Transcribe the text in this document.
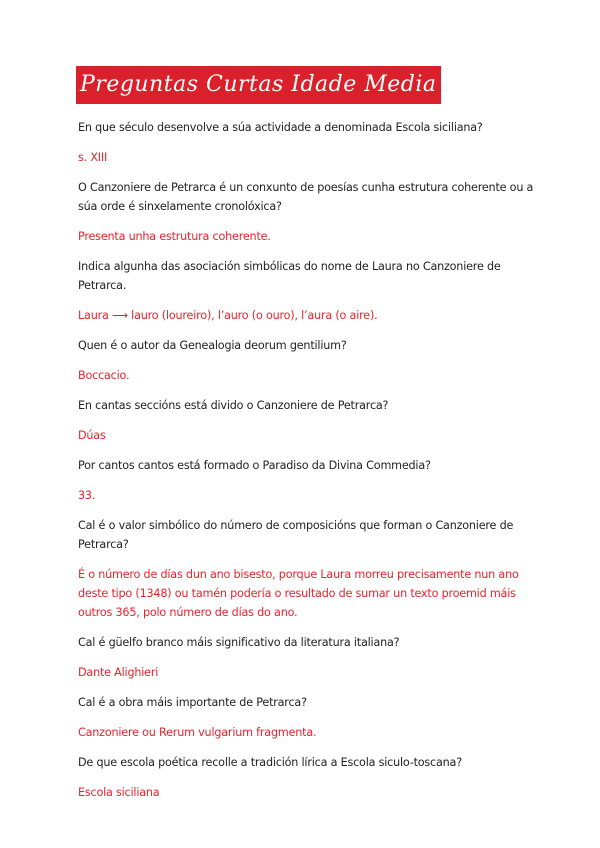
Preguntas Curtas Idade Media

En que século desenvolve a súa actividade a denominada Escola siciliana?

s. XIII

O Canzoniere de Petrarca é un conxunto de poesías cunha estrutura coherente ou a súa orde é sinxelamente cronolóxica?

Presenta unha estrutura coherente.

Indica algunha das asociación simbólicas do nome de Laura no Canzoniere de Petrarca.

Laura ⟶ lauro (loureiro), l’auro (o ouro), l’aura (o aire).

Quen é o autor da Genealogia deorum gentilium?

Boccacio.

En cantas seccións está divido o Canzoniere de Petrarca?

Dúas

Por cantos cantos está formado o Paradiso da Divina Commedia?

33.

Cal é o valor simbólico do número de composicións que forman o Canzoniere de Petrarca?

É o número de días dun ano bisesto, porque Laura morreu precisamente nun ano deste tipo (1348) ou tamén podería o resultado de sumar un texto proemid máis outros 365, polo número de días do ano.

Cal é güelfo branco máis significativo da literatura italiana?

Dante Alighieri

Cal é a obra máis importante de Petrarca?

Canzoniere ou Rerum vulgarium fragmenta.

De que escola poética recolle a tradición lírica a Escola siculo-toscana?

Escola siciliana
